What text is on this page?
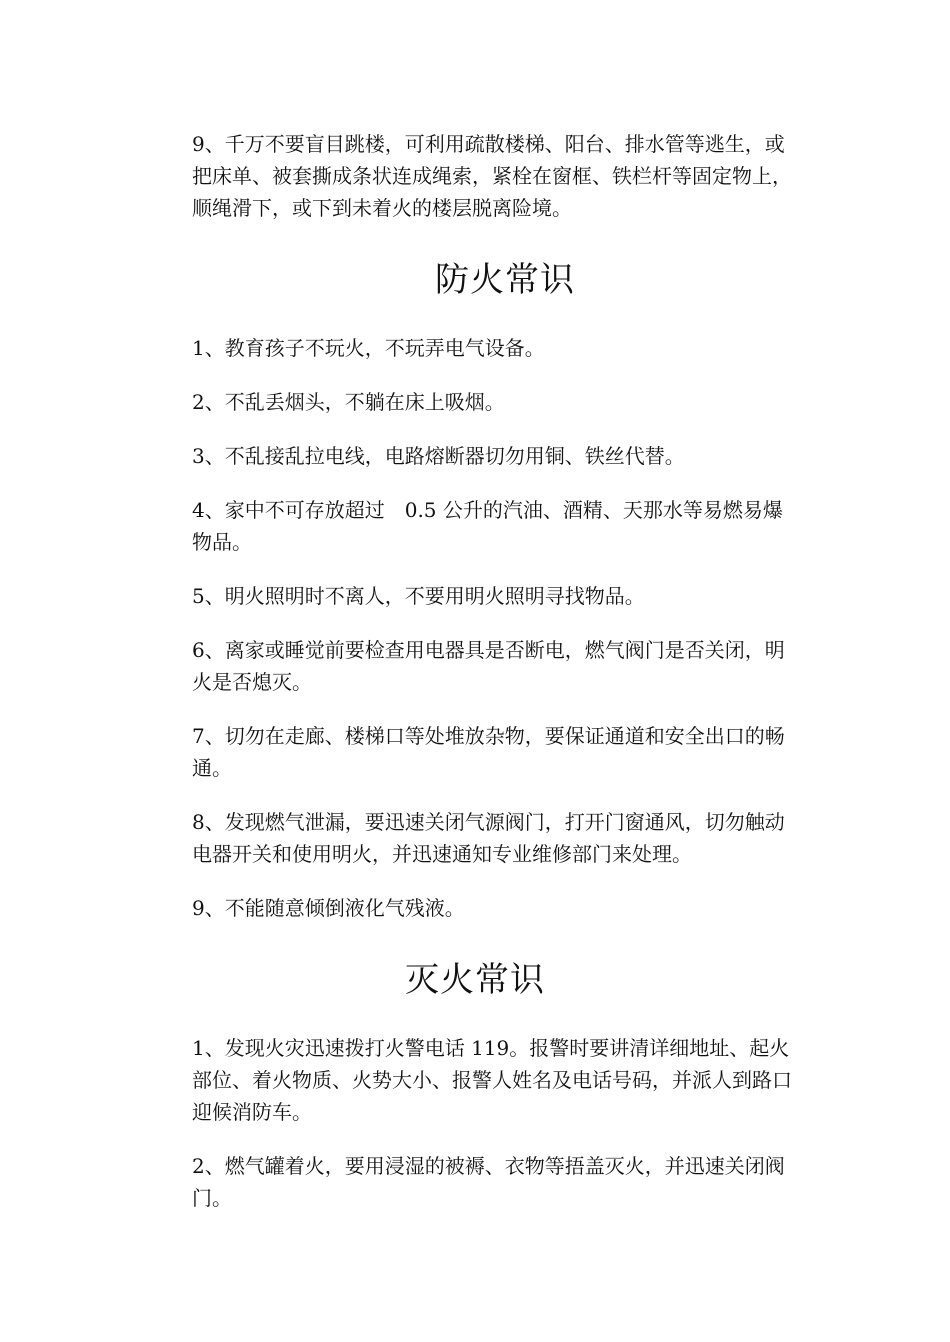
9、千万不要盲目跳楼，可利用疏散楼梯、阳台、排水管等逃生，或把床单、被套撕成条状连成绳索，紧栓在窗框、铁栏杆等固定物上，顺绳滑下，或下到未着火的楼层脱离险境。

防火常识

1、教育孩子不玩火，不玩弄电气设备。

2、不乱丢烟头，不躺在床上吸烟。

3、不乱接乱拉电线，电路熔断器切勿用铜、铁丝代替。

4、家中不可存放超过　0.5 公升的汽油、酒精、天那水等易燃易爆物品。

5、明火照明时不离人，不要用明火照明寻找物品。

6、离家或睡觉前要检查用电器具是否断电，燃气阀门是否关闭，明火是否熄灭。

7、切勿在走廊、楼梯口等处堆放杂物，要保证通道和安全出口的畅通。

8、发现燃气泄漏，要迅速关闭气源阀门，打开门窗通风，切勿触动电器开关和使用明火，并迅速通知专业维修部门来处理。

9、不能随意倾倒液化气残液。

灭火常识

1、发现火灾迅速拨打火警电话 119。报警时要讲清详细地址、起火部位、着火物质、火势大小、报警人姓名及电话号码，并派人到路口迎候消防车。

2、燃气罐着火，要用浸湿的被褥、衣物等捂盖灭火，并迅速关闭阀门。
